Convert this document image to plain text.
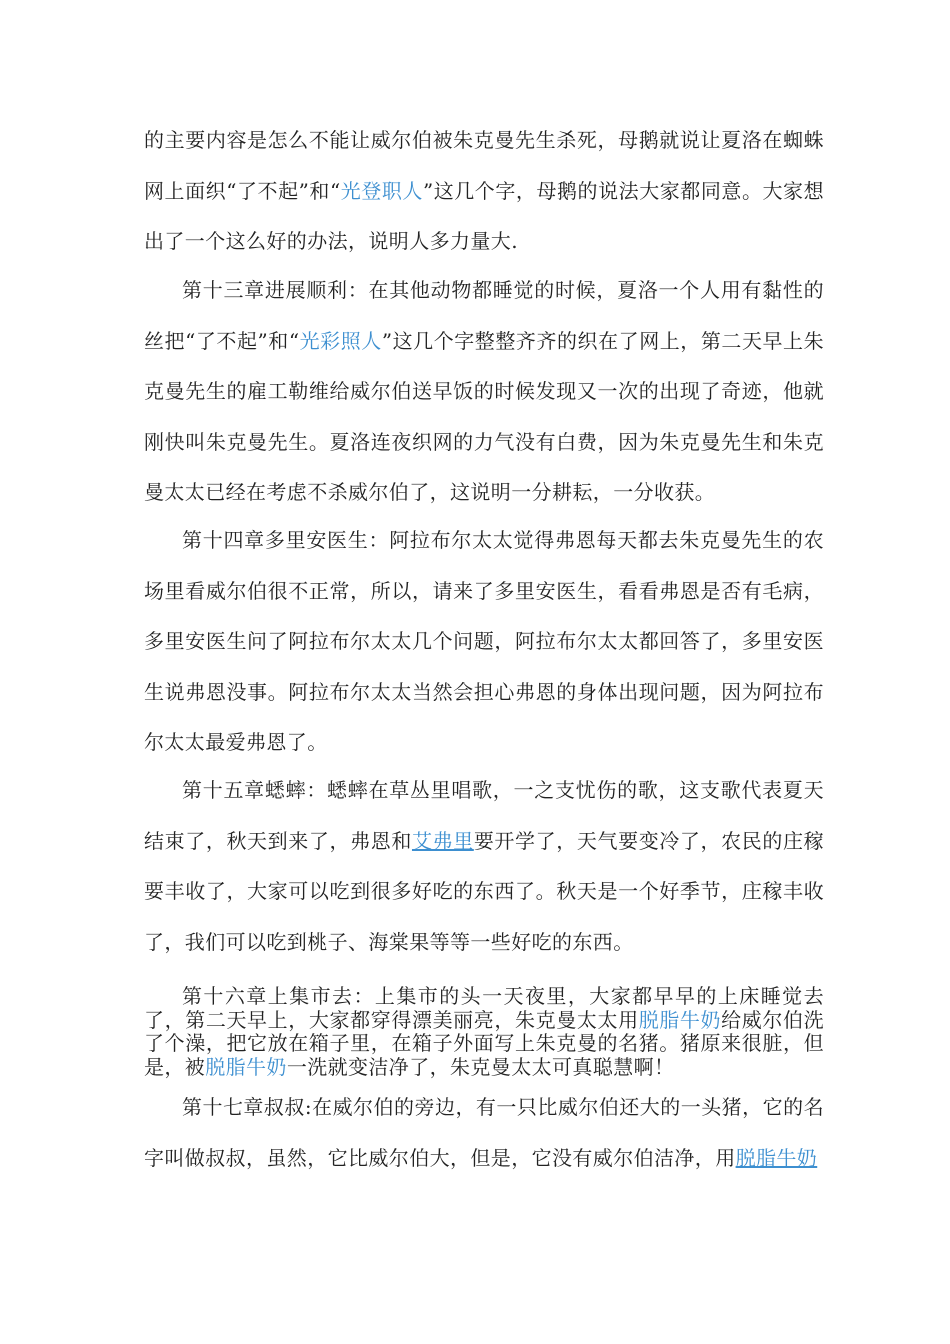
的主要内容是怎么不能让威尔伯被朱克曼先生杀死，母鹅就说让夏洛在蜘蛛网上面织“了不起”和“光登职人”这几个字，母鹅的说法大家都同意。大家想出了一个这么好的办法，说明人多力量大.

第十三章进展顺利：在其他动物都睡觉的时候，夏洛一个人用有黏性的丝把“了不起”和“光彩照人”这几个字整整齐齐的织在了网上，第二天早上朱克曼先生的雇工勒维给威尔伯送早饭的时候发现又一次的出现了奇迹，他就刚快叫朱克曼先生。夏洛连夜织网的力气没有白费，因为朱克曼先生和朱克曼太太已经在考虑不杀威尔伯了，这说明一分耕耘，一分收获。

第十四章多里安医生：阿拉布尔太太觉得弗恩每天都去朱克曼先生的农场里看威尔伯很不正常，所以，请来了多里安医生，看看弗恩是否有毛病，多里安医生问了阿拉布尔太太几个问题，阿拉布尔太太都回答了，多里安医生说弗恩没事。阿拉布尔太太当然会担心弗恩的身体出现问题，因为阿拉布尔太太最爱弗恩了。

第十五章蟋蟀：蟋蟀在草丛里唱歌，一之支忧伤的歌，这支歌代表夏天结束了，秋天到来了，弗恩和艾弗里要开学了，天气要变冷了，农民的庄稼要丰收了，大家可以吃到很多好吃的东西了。秋天是一个好季节，庄稼丰收了，我们可以吃到桃子、海棠果等等一些好吃的东西。

第十六章上集市去：上集市的头一天夜里，大家都早早的上床睡觉去了，第二天早上，大家都穿得漂美丽亮，朱克曼太太用脱脂牛奶给威尔伯洗了个澡，把它放在箱子里，在箱子外面写上朱克曼的名猪。猪原来很脏，但是，被脱脂牛奶一洗就变洁净了，朱克曼太太可真聪慧啊！

第十七章叔叔:在威尔伯的旁边，有一只比威尔伯还大的一头猪，它的名字叫做叔叔，虽然，它比威尔伯大，但是，它没有威尔伯洁净，用脱脂牛奶
